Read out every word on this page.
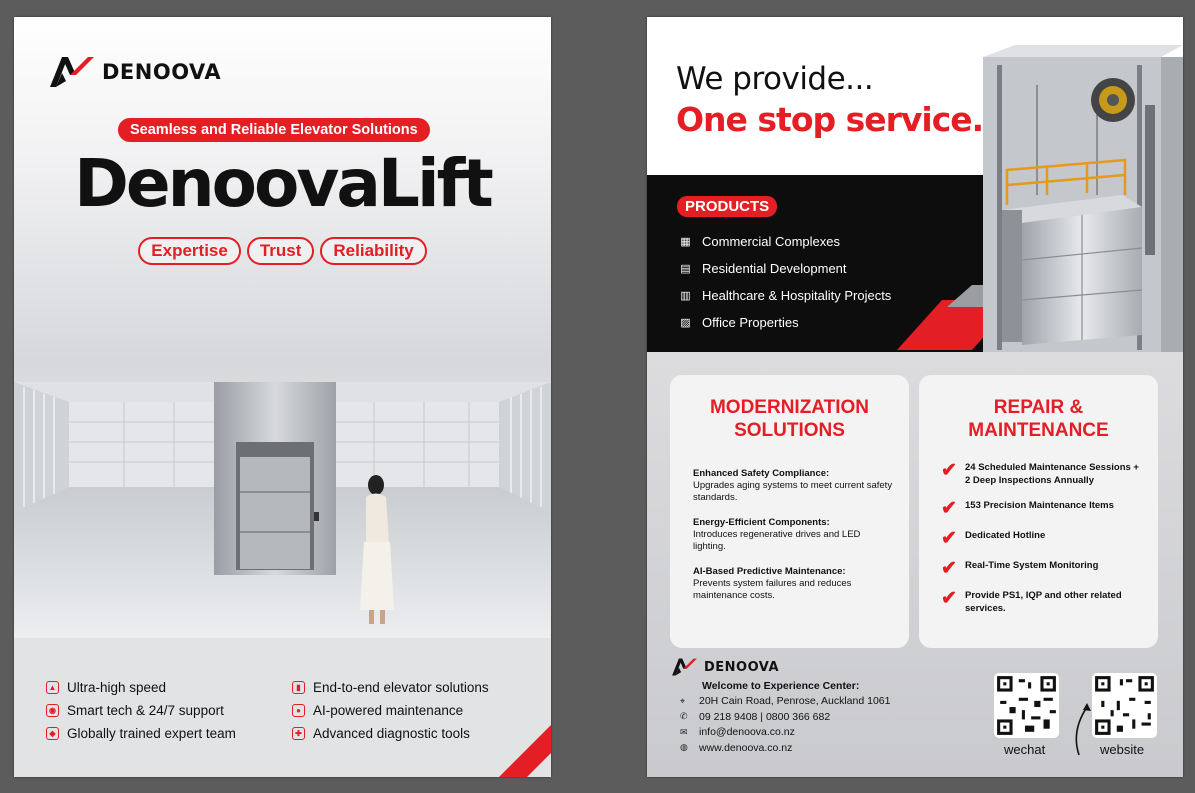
DENOOVA
Seamless and Reliable Elevator Solutions
DenoovaLift
Expertise	Trust	Reliability
▲ Ultra-high speed
◉ Smart tech & 24/7 support
◆ Globally trained expert team
▮ End-to-end elevator solutions
● AI-powered maintenance
✚ Advanced diagnostic tools
We provide...
One stop service.
PRODUCTS
▦ Commercial Complexes
▤ Residential Development
▥ Healthcare & Hospitality Projects
▨ Office Properties
MODERNIZATION
SOLUTIONS
Enhanced Safety Compliance:
Upgrades aging systems to meet current safety standards.
Energy-Efficient Components:
Introduces regenerative drives and LED lighting.
AI-Based Predictive Maintenance:
Prevents system failures and reduces maintenance costs.
REPAIR &
MAINTENANCE
✔ 24 Scheduled Maintenance Sessions + 2 Deep Inspections Annually
✔ 153 Precision Maintenance Items
✔ Dedicated Hotline
✔ Real-Time System Monitoring
✔ Provide PS1, IQP and other related services.
DENOOVA
Welcome to Experience Center:
⌖	20H Cain Road, Penrose, Auckland 1061
✆	09 218 9408 | 0800 366 682
✉	info@denoova.co.nz
◍ www.denoova.co.nz	wechat	website
